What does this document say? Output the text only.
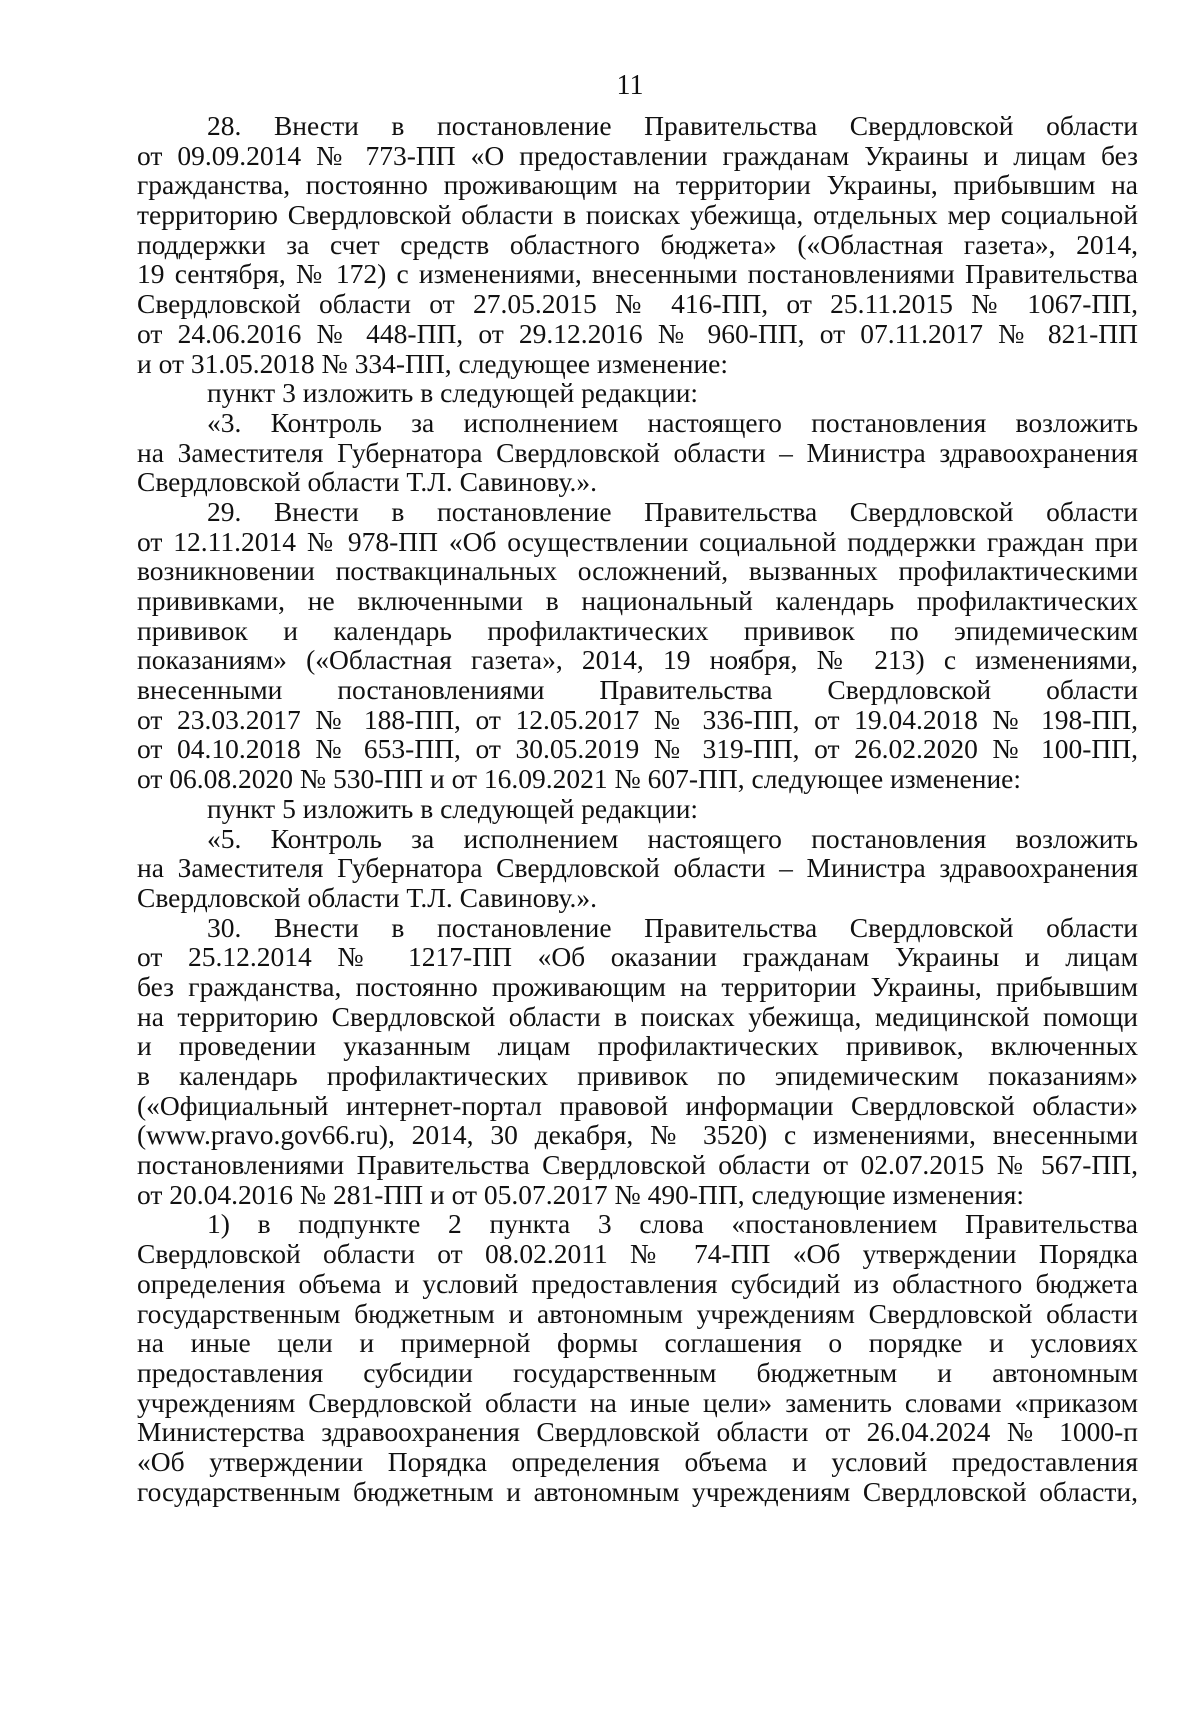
11
28. Внести в постановление Правительства Свердловской области
от 09.09.2014 № 773-ПП «О предоставлении гражданам Украины и лицам без
гражданства, постоянно проживающим на территории Украины, прибывшим на
территорию Свердловской области в поисках убежища, отдельных мер социальной
поддержки за счет средств областного бюджета» («Областная газета», 2014,
19 сентября, № 172) с изменениями, внесенными постановлениями Правительства
Свердловской области от 27.05.2015 № 416-ПП, от 25.11.2015 № 1067-ПП,
от 24.06.2016 № 448-ПП, от 29.12.2016 № 960-ПП, от 07.11.2017 № 821-ПП
и от 31.05.2018 № 334-ПП, следующее изменение:
пункт 3 изложить в следующей редакции:
«3. Контроль за исполнением настоящего постановления возложить
на Заместителя Губернатора Свердловской области – Министра здравоохранения
Свердловской области Т.Л. Савинову.».
29. Внести в постановление Правительства Свердловской области
от 12.11.2014 № 978-ПП «Об осуществлении социальной поддержки граждан при
возникновении поствакцинальных осложнений, вызванных профилактическими
прививками, не включенными в национальный календарь профилактических
прививок и календарь профилактических прививок по эпидемическим
показаниям» («Областная газета», 2014, 19 ноября, № 213) с изменениями,
внесенными постановлениями Правительства Свердловской области
от 23.03.2017 № 188-ПП, от 12.05.2017 № 336-ПП, от 19.04.2018 № 198-ПП,
от 04.10.2018 № 653-ПП, от 30.05.2019 № 319-ПП, от 26.02.2020 № 100-ПП,
от 06.08.2020 № 530-ПП и от 16.09.2021 № 607-ПП, следующее изменение:
пункт 5 изложить в следующей редакции:
«5. Контроль за исполнением настоящего постановления возложить
на Заместителя Губернатора Свердловской области – Министра здравоохранения
Свердловской области Т.Л. Савинову.».
30. Внести в постановление Правительства Свердловской области
от 25.12.2014 № 1217-ПП «Об оказании гражданам Украины и лицам
без гражданства, постоянно проживающим на территории Украины, прибывшим
на территорию Свердловской области в поисках убежища, медицинской помощи
и проведении указанным лицам профилактических прививок, включенных
в календарь профилактических прививок по эпидемическим показаниям»
(«Официальный интернет-портал правовой информации Свердловской области»
(www.pravo.gov66.ru), 2014, 30 декабря, № 3520) с изменениями, внесенными
постановлениями Правительства Свердловской области от 02.07.2015 № 567-ПП,
от 20.04.2016 № 281-ПП и от 05.07.2017 № 490-ПП, следующие изменения:
1) в подпункте 2 пункта 3 слова «постановлением Правительства
Свердловской области от 08.02.2011 № 74-ПП «Об утверждении Порядка
определения объема и условий предоставления субсидий из областного бюджета
государственным бюджетным и автономным учреждениям Свердловской области
на иные цели и примерной формы соглашения о порядке и условиях
предоставления субсидии государственным бюджетным и автономным
учреждениям Свердловской области на иные цели» заменить словами «приказом
Министерства здравоохранения Свердловской области от 26.04.2024 № 1000-п
«Об утверждении Порядка определения объема и условий предоставления
государственным бюджетным и автономным учреждениям Свердловской области,
